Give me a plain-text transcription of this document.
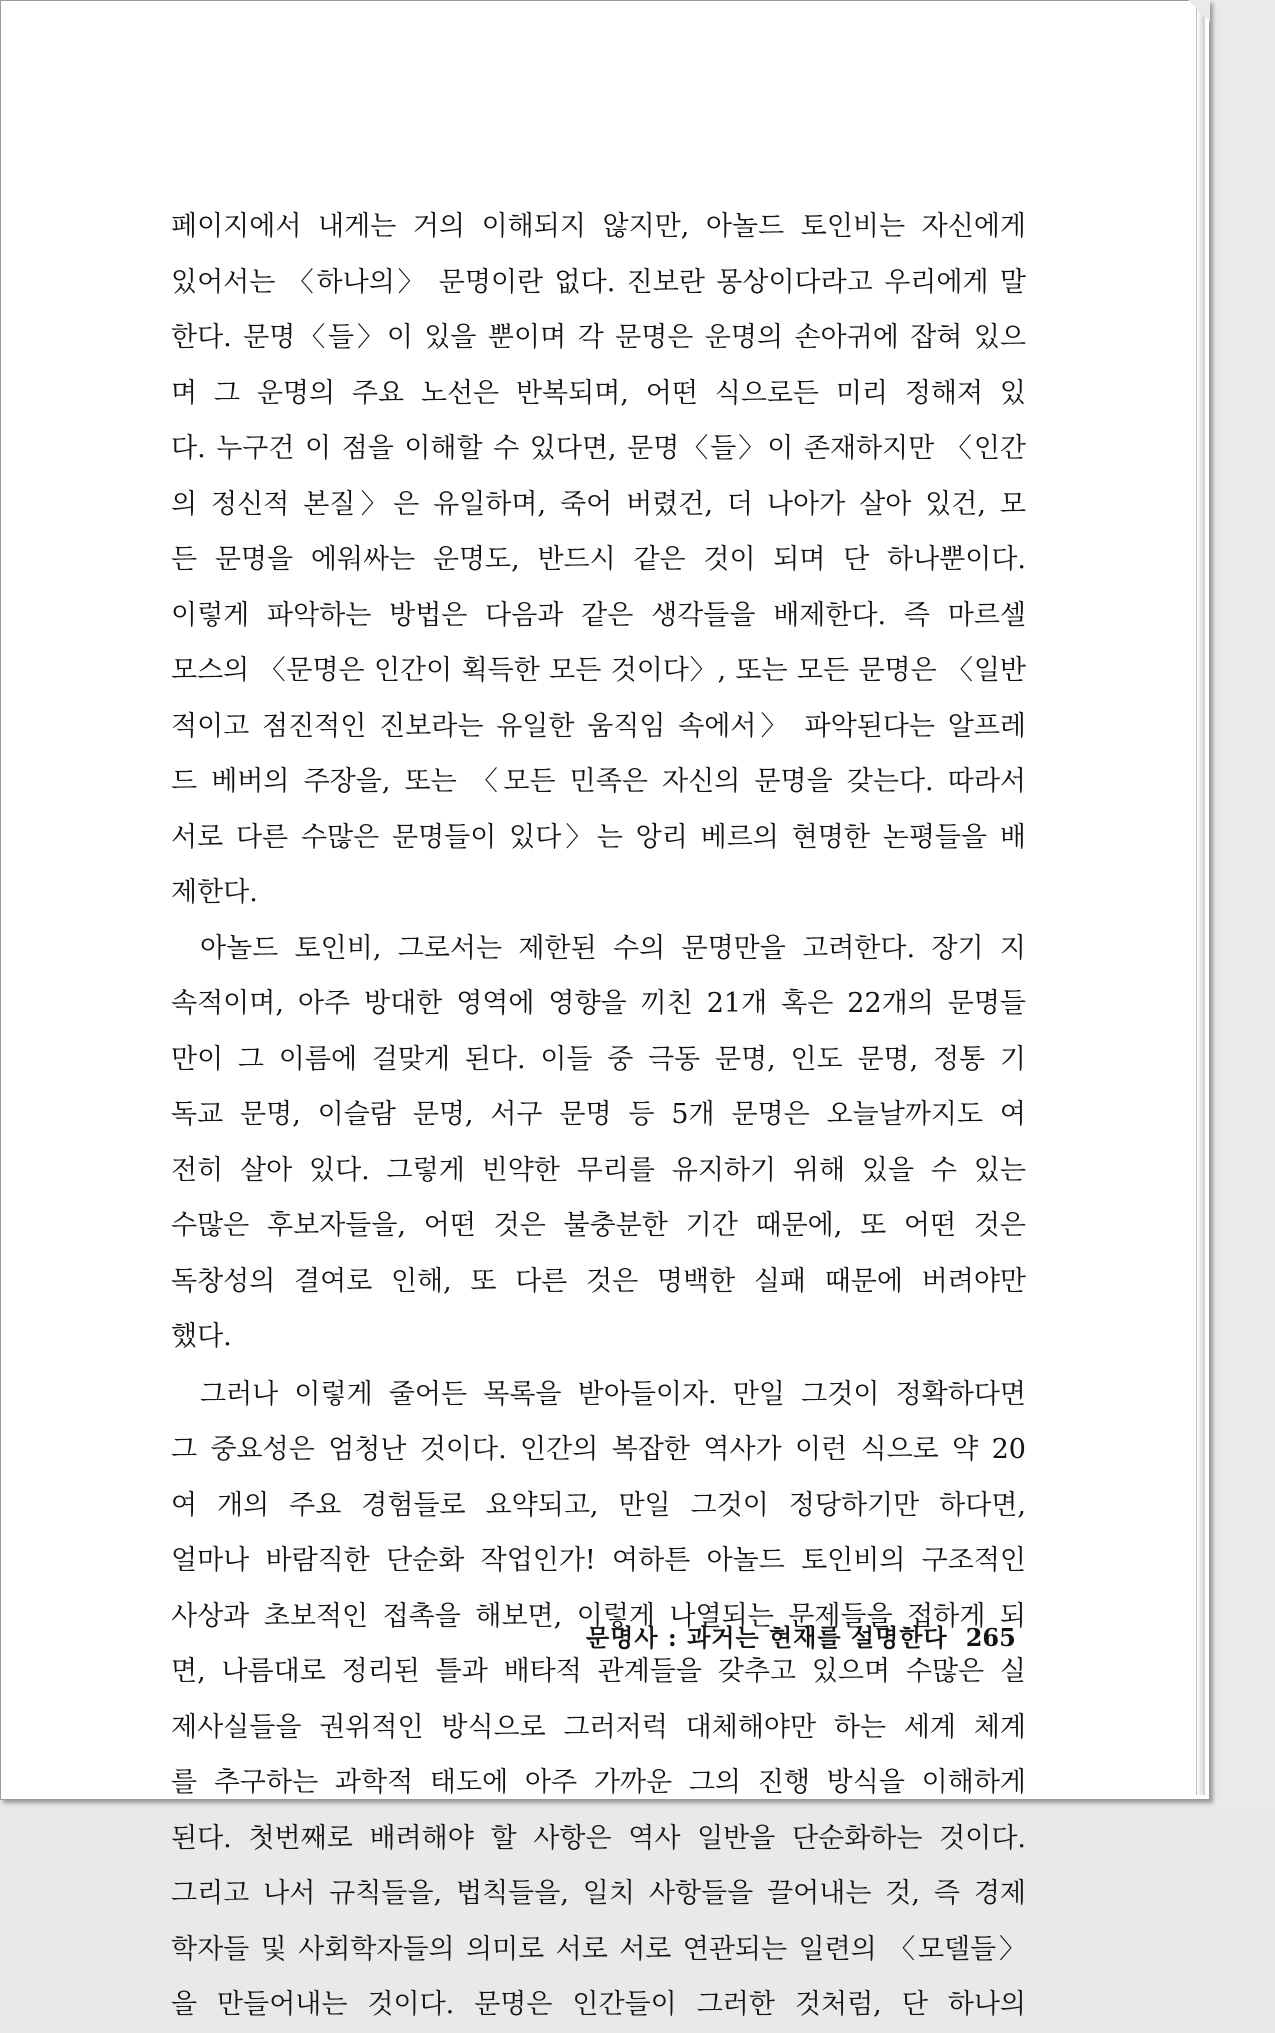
페이지에서 내게는 거의 이해되지 않지만, 아놀드 토인비는 자신에게
있어서는 〈하나의〉 문명이란 없다. 진보란 몽상이다라고 우리에게 말
한다. 문명〈들〉이 있을 뿐이며 각 문명은 운명의 손아귀에 잡혀 있으
며 그 운명의 주요 노선은 반복되며, 어떤 식으로든 미리 정해져 있
다. 누구건 이 점을 이해할 수 있다면, 문명〈들〉이 존재하지만 〈인간
의 정신적 본질〉은 유일하며, 죽어 버렸건, 더 나아가 살아 있건, 모
든 문명을 에워싸는 운명도, 반드시 같은 것이 되며 단 하나뿐이다.
이렇게 파악하는 방법은 다음과 같은 생각들을 배제한다. 즉 마르셀
모스의 〈문명은 인간이 획득한 모든 것이다〉, 또는 모든 문명은 〈일반
적이고 점진적인 진보라는 유일한 움직임 속에서〉 파악된다는 알프레
드 베버의 주장을, 또는 〈모든 민족은 자신의 문명을 갖는다. 따라서
서로 다른 수많은 문명들이 있다〉는 앙리 베르의 현명한 논평들을 배
제한다.
아놀드 토인비, 그로서는 제한된 수의 문명만을 고려한다. 장기 지
속적이며, 아주 방대한 영역에 영향을 끼친 21개 혹은 22개의 문명들
만이 그 이름에 걸맞게 된다. 이들 중 극동 문명, 인도 문명, 정통 기
독교 문명, 이슬람 문명, 서구 문명 등 5개 문명은 오늘날까지도 여
전히 살아 있다. 그렇게 빈약한 무리를 유지하기 위해 있을 수 있는
수많은 후보자들을, 어떤 것은 불충분한 기간 때문에, 또 어떤 것은
독창성의 결여로 인해, 또 다른 것은 명백한 실패 때문에 버려야만
했다.
그러나 이렇게 줄어든 목록을 받아들이자. 만일 그것이 정확하다면
그 중요성은 엄청난 것이다. 인간의 복잡한 역사가 이런 식으로 약 20
여 개의 주요 경험들로 요약되고, 만일 그것이 정당하기만 하다면,
얼마나 바람직한 단순화 작업인가! 여하튼 아놀드 토인비의 구조적인
사상과 초보적인 접촉을 해보면, 이렇게 나열되는 문제들을 접하게 되
면, 나름대로 정리된 틀과 배타적 관계들을 갖추고 있으며 수많은 실
제사실들을 권위적인 방식으로 그러저럭 대체해야만 하는 세계 체계
를 추구하는 과학적 태도에 아주 가까운 그의 진행 방식을 이해하게
된다. 첫번째로 배려해야 할 사항은 역사 일반을 단순화하는 것이다.
그리고 나서 규칙들을, 법칙들을, 일치 사항들을 끌어내는 것, 즉 경제
학자들 및 사회학자들의 의미로 서로 서로 연관되는 일련의 〈모델들〉
을 만들어내는 것이다. 문명은 인간들이 그러한 것처럼, 단 하나의
문명사 : 과거는 현재를 설명한다 265
